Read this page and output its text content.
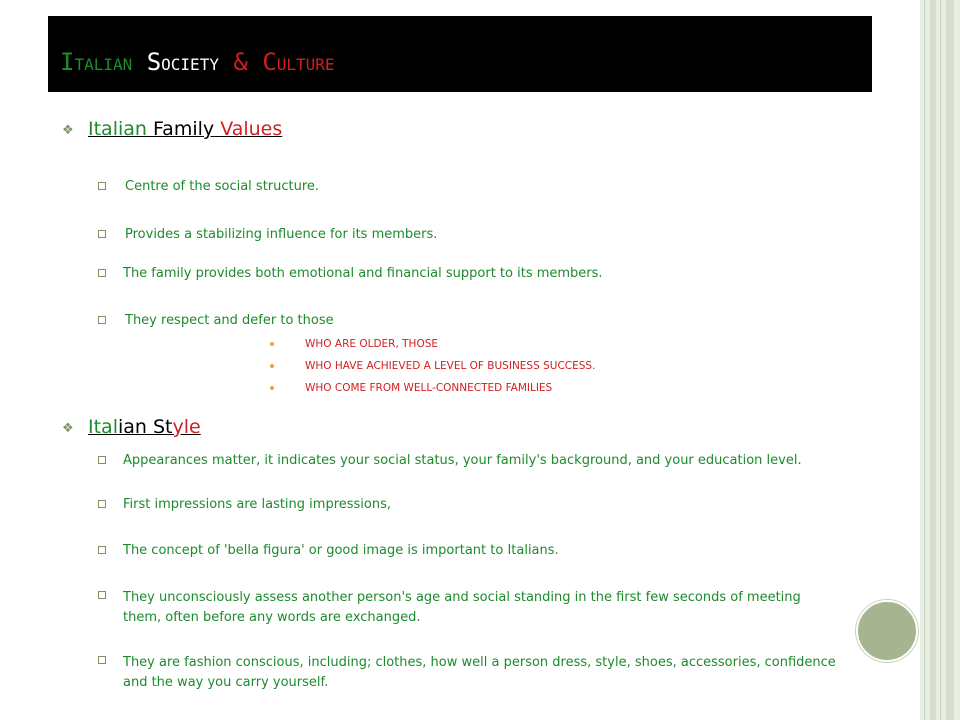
ITALIAN SOCIETY & CULTURE
❖ Italian Family Values
Centre of the social structure.
Provides a stabilizing influence for its members.
The family provides both emotional and financial support to its members.
They respect and defer to those
WHO ARE OLDER, THOSE
WHO HAVE ACHIEVED A LEVEL OF BUSINESS SUCCESS.
WHO COME FROM WELL-CONNECTED FAMILIES
❖ Italian Style
Appearances matter, it indicates your social status, your family's background, and your education level.
First impressions are lasting impressions,
The concept of 'bella figura' or good image is important to Italians.
They unconsciously assess another person's age and social standing in the first few seconds of meeting them, often before any words are exchanged.
They are fashion conscious, including; clothes, how well a person dress, style, shoes, accessories, confidence and the way you carry yourself.
